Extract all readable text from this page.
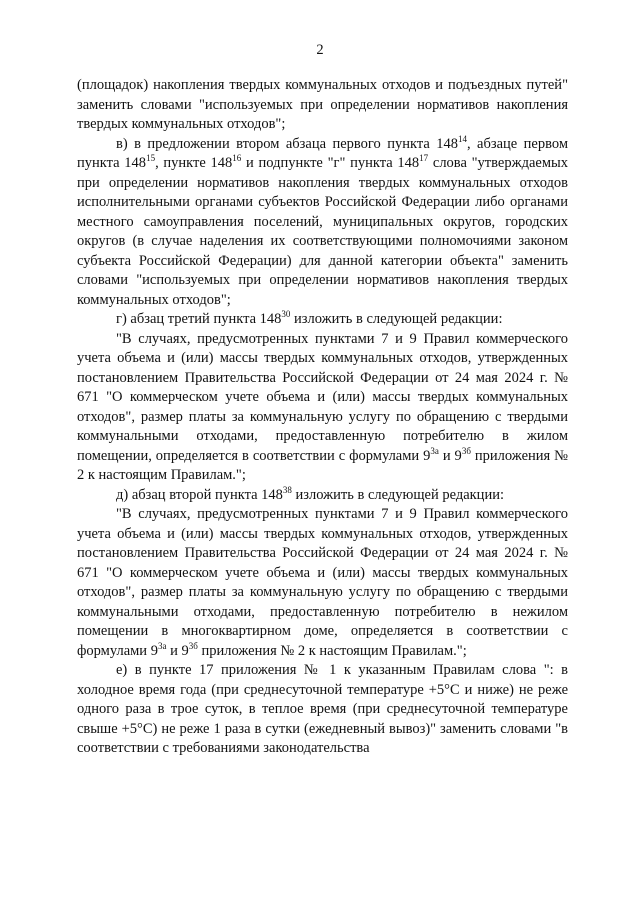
2

(площадок) накопления твердых коммунальных отходов и подъездных путей" заменить словами "используемых при определении нормативов накопления твердых коммунальных отходов";

в) в предложении втором абзаца первого пункта $148^{14}$, абзаце первом пункта $148^{15}$, пункте $148^{16}$ и подпункте "г" пункта $148^{17}$ слова "утверждаемых при определении нормативов накопления твердых коммунальных отходов исполнительными органами субъектов Российской Федерации либо органами местного самоуправления поселений, муниципальных округов, городских округов (в случае наделения их соответствующими полномочиями законом субъекта Российской Федерации) для данной категории объекта" заменить словами "используемых при определении нормативов накопления твердых коммунальных отходов";

г) абзац третий пункта $148^{30}$ изложить в следующей редакции:

"В случаях, предусмотренных пунктами 7 и 9 Правил коммерческого учета объема и (или) массы твердых коммунальных отходов, утвержденных постановлением Правительства Российской Федерации от 24 мая 2024 г. № 671 "О коммерческом учете объема и (или) массы твердых коммунальных отходов", размер платы за коммунальную услугу по обращению с твердыми коммунальными отходами, предоставленную потребителю в жилом помещении, определяется в соответствии с формулами $9^{3а}$ и $9^{3б}$ приложения № 2 к настоящим Правилам.";

д) абзац второй пункта $148^{38}$ изложить в следующей редакции:

"В случаях, предусмотренных пунктами 7 и 9 Правил коммерческого учета объема и (или) массы твердых коммунальных отходов, утвержденных постановлением Правительства Российской Федерации от 24 мая 2024 г. № 671 "О коммерческом учете объема и (или) массы твердых коммунальных отходов", размер платы за коммунальную услугу по обращению с твердыми коммунальными отходами, предоставленную потребителю в нежилом помещении в многоквартирном доме, определяется в соответствии с формулами $9^{3а}$ и $9^{3б}$ приложения № 2 к настоящим Правилам.";

е) в пункте 17 приложения № 1 к указанным Правилам слова ": в холодное время года (при среднесуточной температуре +5°С и ниже) не реже одного раза в трое суток, в теплое время (при среднесуточной температуре свыше +5°С) не реже 1 раза в сутки (ежедневный вывоз)" заменить словами "в соответствии с требованиями законодательства
